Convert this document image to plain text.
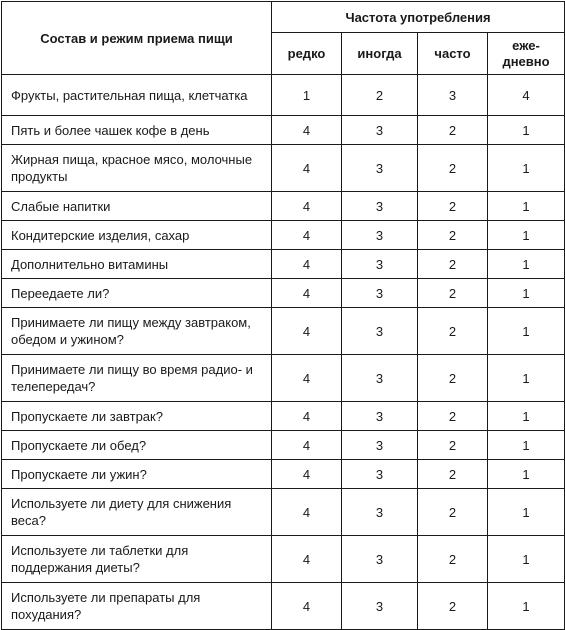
Состав и режим приема пищи	Частота употребления			
	редко	иногда	часто	еже-
дневно
Фрукты, растительная пища, клетчатка	1	2	3	4
Пять и более чашек кофе в день	4	3	2	1
Жирная пища, красное мясо, молочные продукты	4	3	2	1
Слабые напитки	4	3	2	1
Кондитерские изделия, сахар	4	3	2	1
Дополнительно витамины	4	3	2	1
Переедаете ли?	4	3	2	1
Принимаете ли пищу между завтраком, обедом и ужином?	4	3	2	1
Принимаете ли пищу во время радио- и телепередач?	4	3	2	1
Пропускаете ли завтрак?	4	3	2	1
Пропускаете ли обед?	4	3	2	1
Пропускаете ли ужин?	4	3	2	1
Используете ли диету для снижения веса?	4	3	2	1
Используете ли таблетки для поддержания диеты?	4	3	2	1
Используете ли препараты для похудания?	4	3	2	1
